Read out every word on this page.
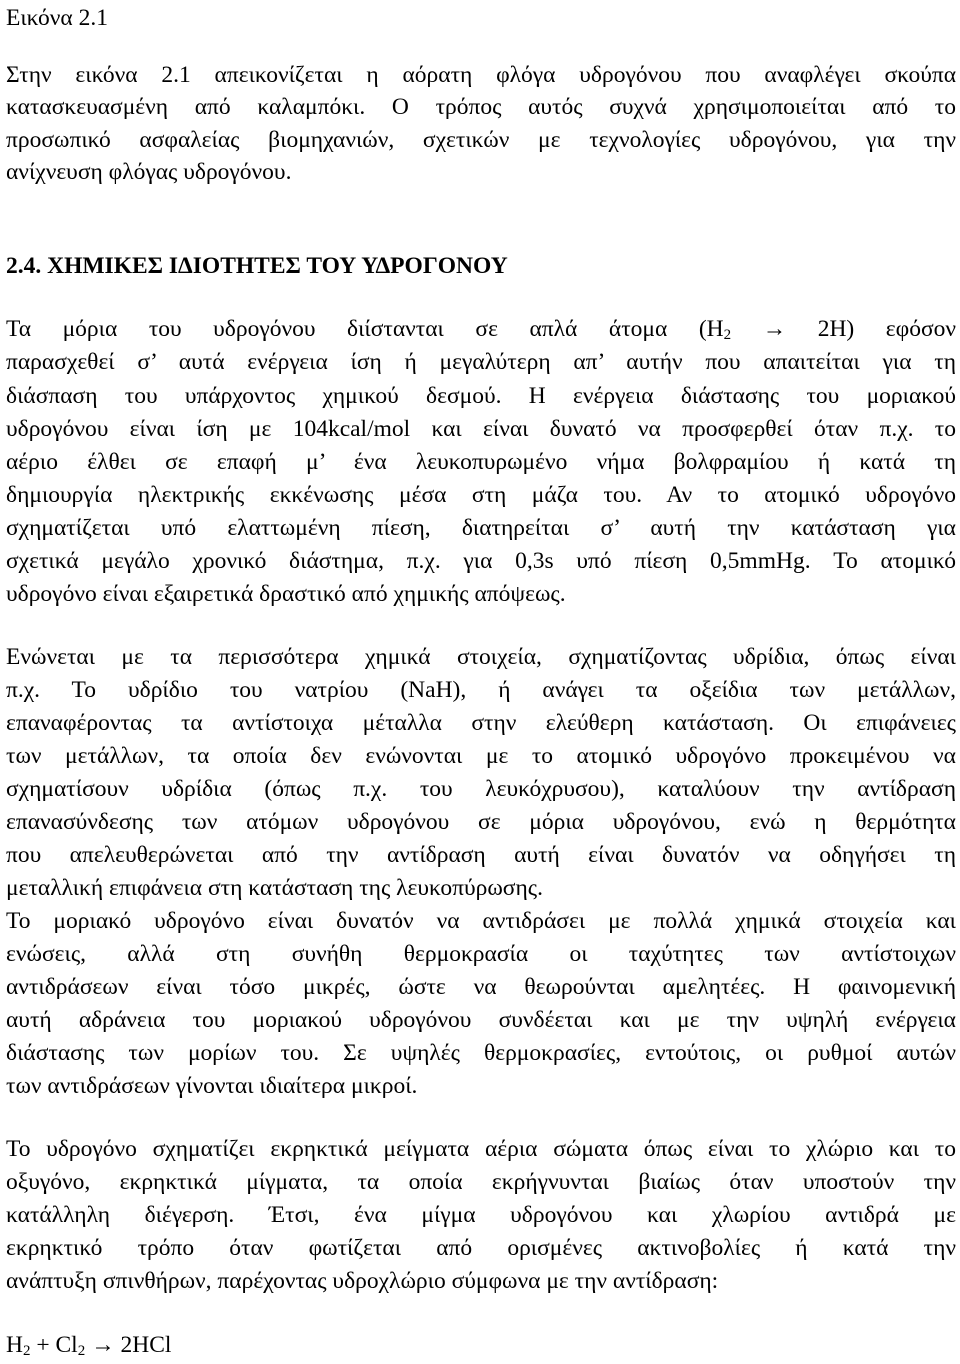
Εικόνα 2.1
Στην εικόνα 2.1 απεικονίζεται η αόρατη φλόγα υδρογόνου που αναφλέγει σκούπα
κατασκευασμένη από καλαμπόκι. Ο τρόπος αυτός συχνά χρησιμοποιείται από το
προσωπικό ασφαλείας βιομηχανιών, σχετικών με τεχνολογίες υδρογόνου, για την
ανίχνευση φλόγας υδρογόνου.
2.4. ΧΗΜΙΚΕΣ ΙΔΙΟΤΗΤΕΣ ΤΟΥ ΥΔΡΟΓΟΝΟΥ
Τα μόρια του υδρογόνου διίστανται σε απλά άτομα $(H_2 \to 2H)$ εφόσον
παρασχεθεί σ’ αυτά ενέργεια ίση ή μεγαλύτερη απ’ αυτήν που απαιτείται για τη
διάσπαση του υπάρχοντος χημικού δεσμού. Η ενέργεια διάστασης του μοριακού
υδρογόνου είναι ίση με 104kcal/mol και είναι δυνατό να προσφερθεί όταν π.χ. το
αέριο έλθει σε επαφή μ’ ένα λευκοπυρωμένο νήμα βολφραμίου ή κατά τη
δημιουργία ηλεκτρικής εκκένωσης μέσα στη μάζα του. Αν το ατομικό υδρογόνο
σχηματίζεται υπό ελαττωμένη πίεση, διατηρείται σ’ αυτή την κατάσταση για
σχετικά μεγάλο χρονικό διάστημα, π.χ. για 0,3s υπό πίεση 0,5mmHg. Το ατομικό
υδρογόνο είναι εξαιρετικά δραστικό από χημικής απόψεως.
Ενώνεται με τα περισσότερα χημικά στοιχεία, σχηματίζοντας υδρίδια, όπως είναι
π.χ. Το υδρίδιο του νατρίου (NaH), ή ανάγει τα οξείδια των μετάλλων,
επαναφέροντας τα αντίστοιχα μέταλλα στην ελεύθερη κατάσταση. Οι επιφάνειες
των μετάλλων, τα οποία δεν ενώνονται με το ατομικό υδρογόνο προκειμένου να
σχηματίσουν υδρίδια (όπως π.χ. του λευκόχρυσου), καταλύουν την αντίδραση
επανασύνδεσης των ατόμων υδρογόνου σε μόρια υδρογόνου, ενώ η θερμότητα
που απελευθερώνεται από την αντίδραση αυτή είναι δυνατόν να οδηγήσει τη
μεταλλική επιφάνεια στη κατάσταση της λευκοπύρωσης.
Το μοριακό υδρογόνο είναι δυνατόν να αντιδράσει με πολλά χημικά στοιχεία και
ενώσεις, αλλά στη συνήθη θερμοκρασία οι ταχύτητες των αντίστοιχων
αντιδράσεων είναι τόσο μικρές, ώστε να θεωρούνται αμελητέες. Η φαινομενική
αυτή αδράνεια του μοριακού υδρογόνου συνδέεται και με την υψηλή ενέργεια
διάστασης των μορίων του. Σε υψηλές θερμοκρασίες, εντούτοις, οι ρυθμοί αυτών
των αντιδράσεων γίνονται ιδιαίτερα μικροί.
Το υδρογόνο σχηματίζει εκρηκτικά μείγματα αέρια σώματα όπως είναι το χλώριο και το
οξυγόνο, εκρηκτικά μίγματα, τα οποία εκρήγνυνται βιαίως όταν υποστούν την
κατάλληλη διέγερση. Έτσι, ένα μίγμα υδρογόνου και χλωρίου αντιδρά με
εκρηκτικό τρόπο όταν φωτίζεται από ορισμένες ακτινοβολίες ή κατά την
ανάπτυξη σπινθήρων, παρέχοντας υδροχλώριο σύμφωνα με την αντίδραση:
$H_2 + Cl_2 \to 2HCl$
